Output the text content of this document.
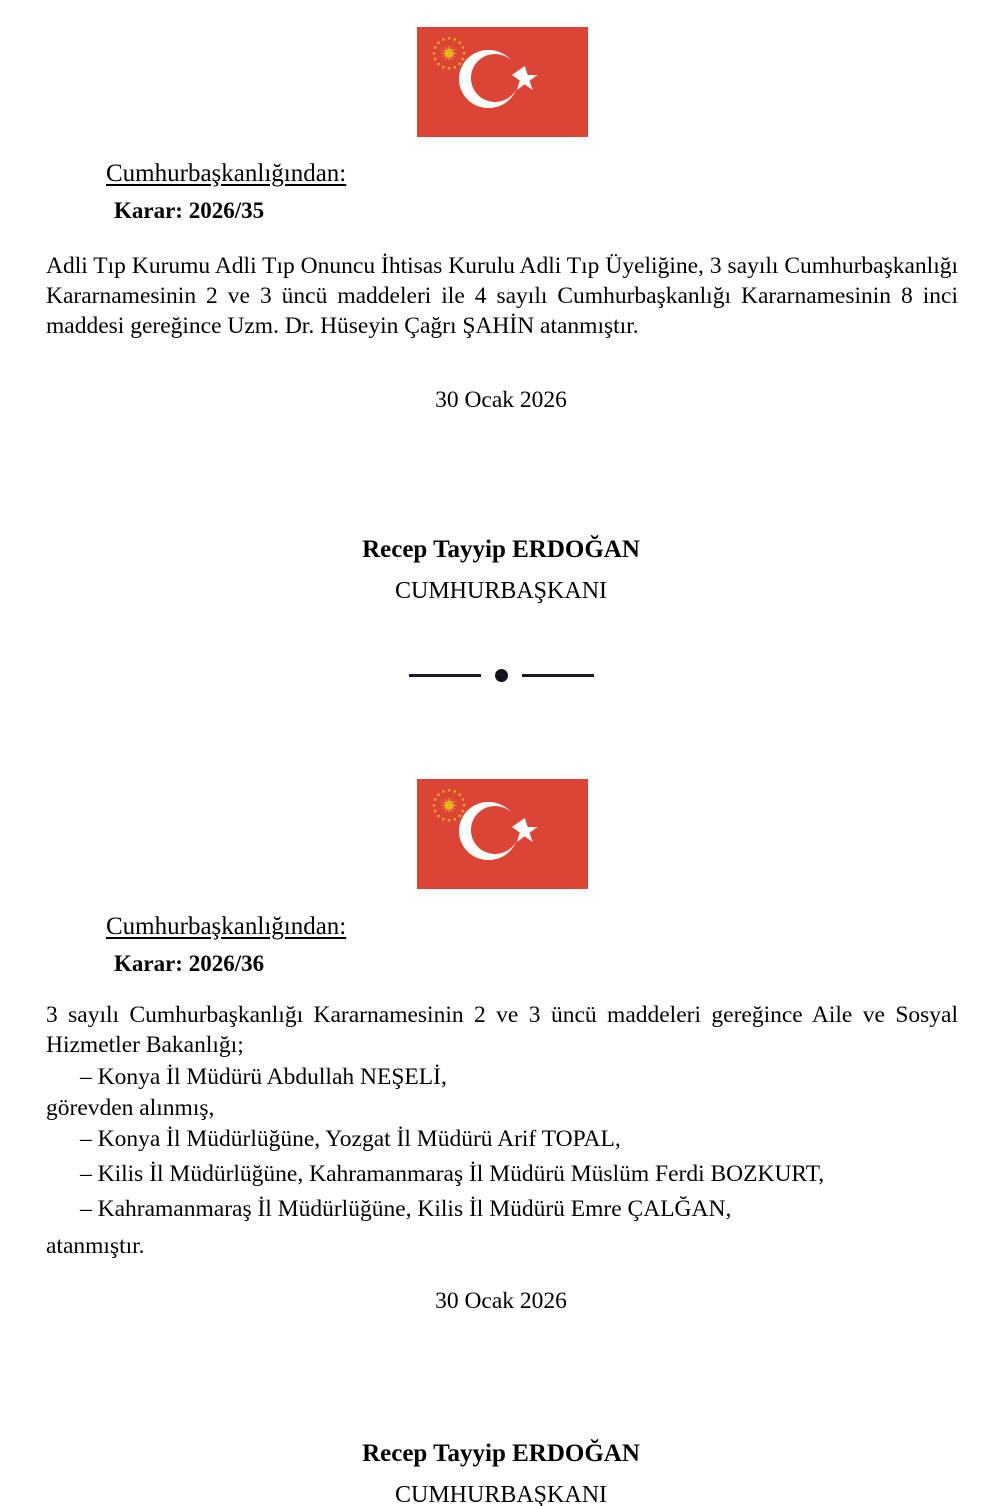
Cumhurbaşkanlığından:
Karar: 2026/35
Adli Tıp Kurumu Adli Tıp Onuncu İhtisas Kurulu Adli Tıp Üyeliğine, 3 sayılı Cumhurbaşkanlığı Kararnamesinin 2 ve 3 üncü maddeleri ile 4 sayılı Cumhurbaşkanlığı Kararnamesinin 8 inci maddesi gereğince Uzm. Dr. Hüseyin Çağrı ŞAHİN atanmıştır.
30 Ocak 2026
Recep Tayyip ERDOĞAN
CUMHURBAŞKANI
Cumhurbaşkanlığından:
Karar: 2026/36
3 sayılı Cumhurbaşkanlığı Kararnamesinin 2 ve 3 üncü maddeleri gereğince Aile ve Sosyal Hizmetler Bakanlığı;
– Konya İl Müdürü Abdullah NEŞELİ,
görevden alınmış,
– Konya İl Müdürlüğüne, Yozgat İl Müdürü Arif TOPAL,
– Kilis İl Müdürlüğüne, Kahramanmaraş İl Müdürü Müslüm Ferdi BOZKURT,
– Kahramanmaraş İl Müdürlüğüne, Kilis İl Müdürü Emre ÇALĞAN,
atanmıştır.
30 Ocak 2026
Recep Tayyip ERDOĞAN
CUMHURBAŞKANI
